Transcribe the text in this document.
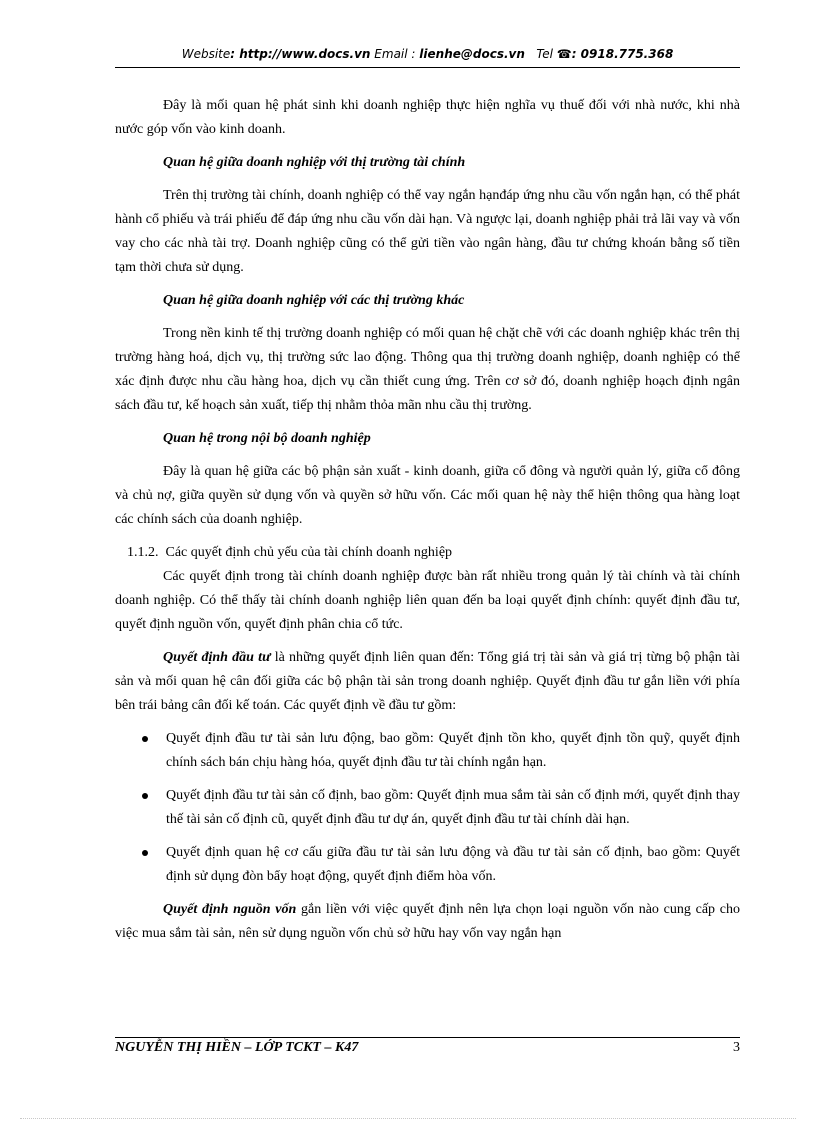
Website: http://www.docs.vn Email : lienhe@docs.vn Tel ☎: 0918.775.368

Đây là mối quan hệ phát sinh khi doanh nghiệp thực hiện nghĩa vụ thuế đối với nhà nước, khi nhà nước góp vốn vào kinh doanh.

Quan hệ giữa doanh nghiệp với thị trường tài chính

Trên thị trường tài chính, doanh nghiệp có thể vay ngắn hạnđáp ứng nhu cầu vốn ngắn hạn, có thể phát hành cổ phiếu và trái phiếu để đáp ứng nhu cầu vốn dài hạn. Và ngược lại, doanh nghiệp phải trả lãi vay và vốn vay cho các nhà tài trợ. Doanh nghiệp cũng có thể gửi tiền vào ngân hàng, đầu tư chứng khoán bằng số tiền tạm thời chưa sử dụng.

Quan hệ giữa doanh nghiệp với các thị trường khác

Trong nền kinh tế thị trường doanh nghiệp có mối quan hệ chặt chẽ với các doanh nghiệp khác trên thị trường hàng hoá, dịch vụ, thị trường sức lao động. Thông qua thị trường doanh nghiệp, doanh nghiệp có thể xác định được nhu cầu hàng hoa, dịch vụ cần thiết cung ứng. Trên cơ sở đó, doanh nghiệp hoạch định ngân sách đầu tư, kế hoạch sản xuất, tiếp thị nhằm thỏa mãn nhu cầu thị trường.

Quan hệ trong nội bộ doanh nghiệp

Đây là quan hệ giữa các bộ phận sản xuất - kinh doanh, giữa cổ đông và người quản lý, giữa cổ đông và chủ nợ, giữa quyền sử dụng vốn và quyền sở hữu vốn. Các mối quan hệ này thể hiện thông qua hàng loạt các chính sách của doanh nghiệp.

1.1.2. Các quyết định chủ yếu của tài chính doanh nghiệp

Các quyết định trong tài chính doanh nghiệp được bàn rất nhiều trong quản lý tài chính và tài chính doanh nghiệp. Có thể thấy tài chính doanh nghiệp liên quan đến ba loại quyết định chính: quyết định đầu tư, quyết định nguồn vốn, quyết định phân chia cổ tức.

Quyết định đầu tư là những quyết định liên quan đến: Tổng giá trị tài sản và giá trị từng bộ phận tài sản và mối quan hệ cân đối giữa các bộ phận tài sản trong doanh nghiệp. Quyết định đầu tư gắn liền với phía bên trái bảng cân đối kế toán. Các quyết định về đầu tư gồm:

Quyết định đầu tư tài sản lưu động, bao gồm: Quyết định tồn kho, quyết định tồn quỹ, quyết định chính sách bán chịu hàng hóa, quyết định đầu tư tài chính ngắn hạn.
Quyết định đầu tư tài sản cố định, bao gồm: Quyết định mua sắm tài sản cố định mới, quyết định thay thế tài sản cố định cũ, quyết định đầu tư dự án, quyết định đầu tư tài chính dài hạn.
Quyết định quan hệ cơ cấu giữa đầu tư tài sản lưu động và đầu tư tài sản cố định, bao gồm: Quyết định sử dụng đòn bẩy hoạt động, quyết định điểm hòa vốn.

Quyết định nguồn vốn gắn liền với việc quyết định nên lựa chọn loại nguồn vốn nào cung cấp cho việc mua sắm tài sản, nên sử dụng nguồn vốn chủ sở hữu hay vốn vay ngắn hạn

NGUYỄN THỊ HIỀN – LỚP TCKT – K47	3
